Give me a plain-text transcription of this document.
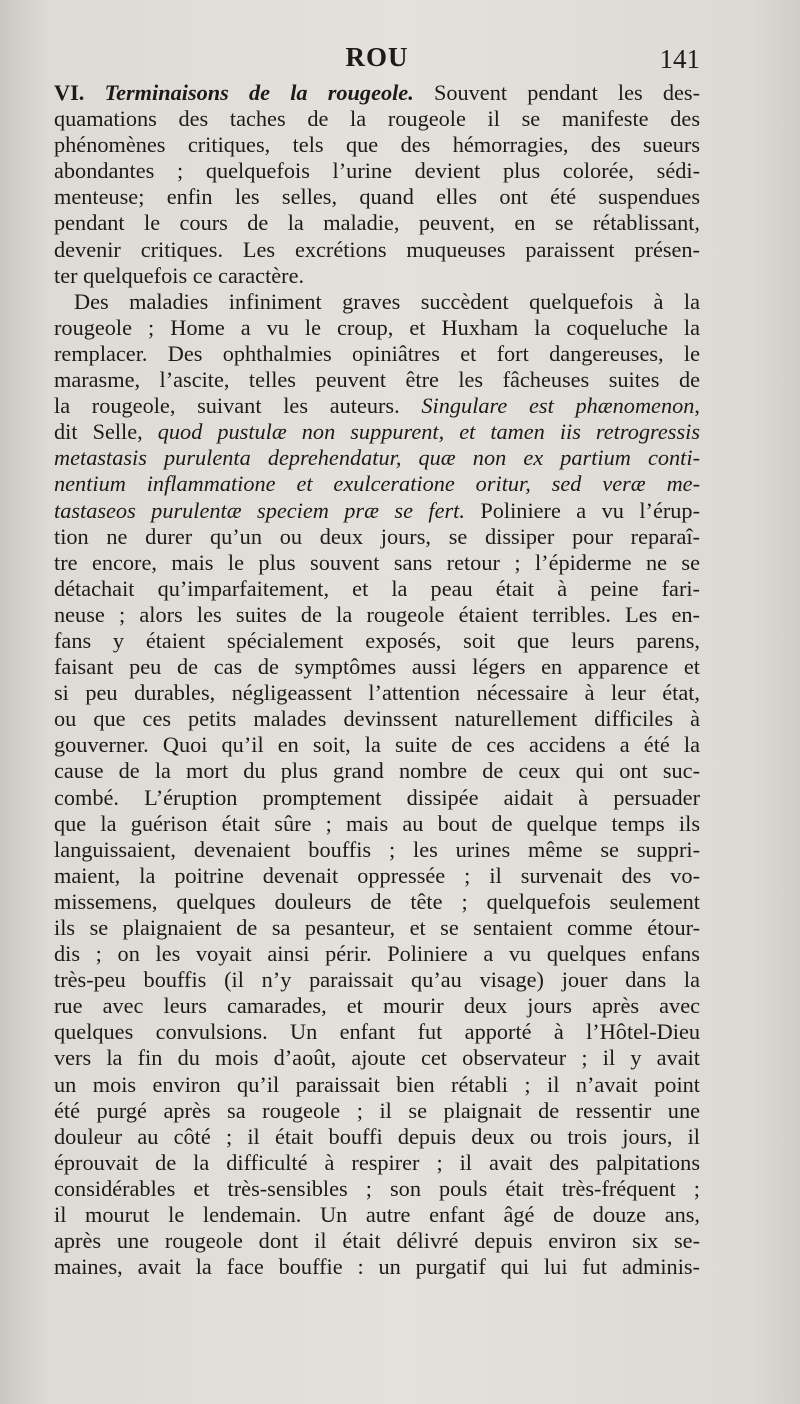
ROU	141
VI. Terminaisons de la rougeole. Souvent pendant les des-
quamations des taches de la rougeole il se manifeste des
phénomènes critiques, tels que des hémorragies, des sueurs
abondantes ; quelquefois l’urine devient plus colorée, sédi-
menteuse; enfin les selles, quand elles ont été suspendues
pendant le cours de la maladie, peuvent, en se rétablissant,
devenir critiques. Les excrétions muqueuses paraissent présen-
ter quelquefois ce caractère.
Des maladies infiniment graves succèdent quelquefois à la
rougeole ; Home a vu le croup, et Huxham la coqueluche la
remplacer. Des ophthalmies opiniâtres et fort dangereuses, le
marasme, l’ascite, telles peuvent être les fâcheuses suites de
la rougeole, suivant les auteurs. Singulare est phænomenon,
dit Selle, quod pustulæ non suppurent, et tamen iis retrogressis
metastasis purulenta deprehendatur, quæ non ex partium conti-
nentium inflammatione et exulceratione oritur, sed veræ me-
tastaseos purulentæ speciem præ se fert. Poliniere a vu l’érup-
tion ne durer qu’un ou deux jours, se dissiper pour reparaî-
tre encore, mais le plus souvent sans retour ; l’épiderme ne se
détachait qu’imparfaitement, et la peau était à peine fari-
neuse ; alors les suites de la rougeole étaient terribles. Les en-
fans y étaient spécialement exposés, soit que leurs parens,
faisant peu de cas de symptômes aussi légers en apparence et
si peu durables, négligeassent l’attention nécessaire à leur état,
ou que ces petits malades devinssent naturellement difficiles à
gouverner. Quoi qu’il en soit, la suite de ces accidens a été la
cause de la mort du plus grand nombre de ceux qui ont suc-
combé. L’éruption promptement dissipée aidait à persuader
que la guérison était sûre ; mais au bout de quelque temps ils
languissaient, devenaient bouffis ; les urines même se suppri-
maient, la poitrine devenait oppressée ; il survenait des vo-
missemens, quelques douleurs de tête ; quelquefois seulement
ils se plaignaient de sa pesanteur, et se sentaient comme étour-
dis ; on les voyait ainsi périr. Poliniere a vu quelques enfans
très-peu bouffis (il n’y paraissait qu’au visage) jouer dans la
rue avec leurs camarades, et mourir deux jours après avec
quelques convulsions. Un enfant fut apporté à l’Hôtel-Dieu
vers la fin du mois d’août, ajoute cet observateur ; il y avait
un mois environ qu’il paraissait bien rétabli ; il n’avait point
été purgé après sa rougeole ; il se plaignait de ressentir une
douleur au côté ; il était bouffi depuis deux ou trois jours, il
éprouvait de la difficulté à respirer ; il avait des palpitations
considérables et très-sensibles ; son pouls était très-fréquent ;
il mourut le lendemain. Un autre enfant âgé de douze ans,
après une rougeole dont il était délivré depuis environ six se-
maines, avait la face bouffie : un purgatif qui lui fut adminis-
